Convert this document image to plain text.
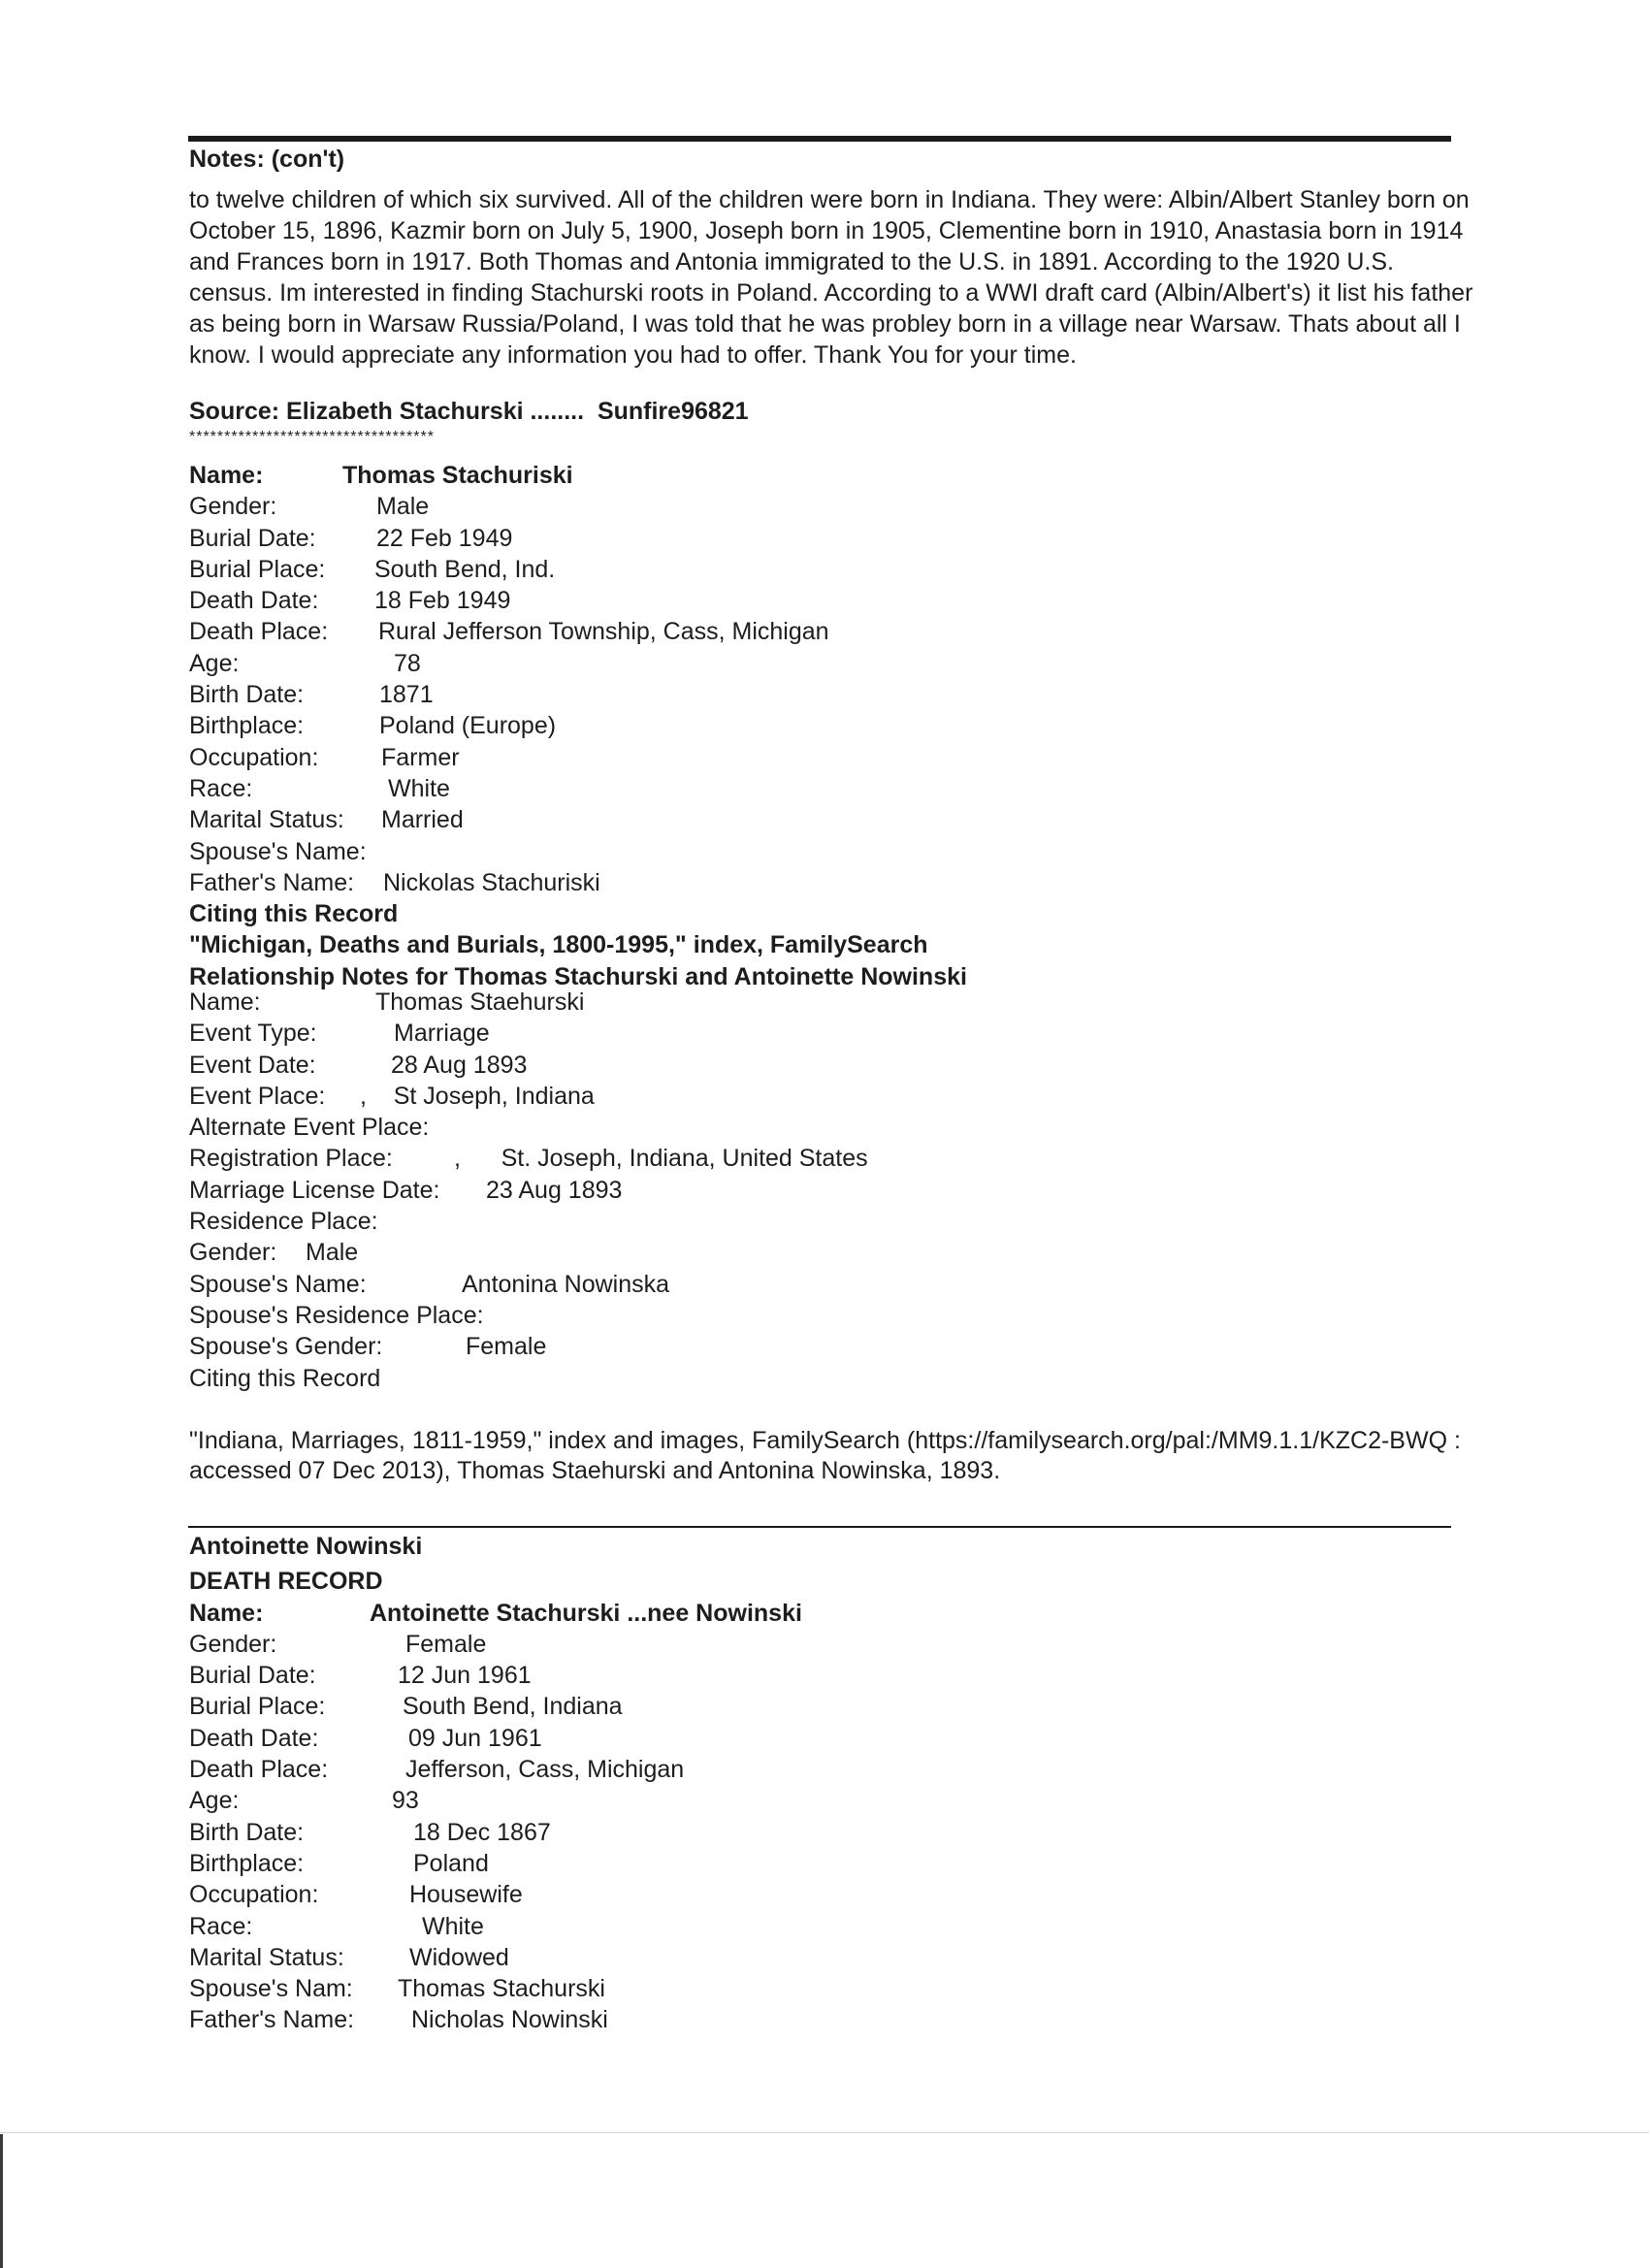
Notes: (con't)

to twelve children of which six survived. All of the children were born in Indiana. They were: Albin/Albert Stanley born on October 15, 1896, Kazmir born on July 5, 1900, Joseph born in 1905, Clementine born in 1910, Anastasia born in 1914 and Frances born in 1917. Both Thomas and Antonia immigrated to the U.S. in 1891. According to the 1920 U.S. census. Im interested in finding Stachurski roots in Poland. According to a WWI draft card (Albin/Albert's) it list his father as being born in Warsaw Russia/Poland, I was told that he was probley born in a village near Warsaw. Thats about all I know. I would appreciate any information you had to offer. Thank You for your time.

Source: Elizabeth Stachurski ........  Sunfire96821
***********************************
Name:	Thomas Stachuriski
Gender:	Male
Burial Date: 22 Feb 1949
Burial Place: South Bend, Ind.
Death Date: 18 Feb 1949
Death Place: Rural Jefferson Township, Cass, Michigan
Age:	78
Birth Date:	1871
Birthplace:	Poland (Europe)
Occupation:	Farmer
Race:	White
Marital Status: Married
Spouse's Name:
Father's Name: Nickolas Stachuriski
Citing this Record
"Michigan, Deaths and Burials, 1800-1995," index, FamilySearch
Relationship Notes for Thomas Stachurski and Antoinette Nowinski
Name:	Thomas Staehurski
Event Type:	Marriage
Event Date:	28 Aug 1893
Event Place: ,    St Joseph, Indiana
Alternate Event Place:
Registration Place:	,      St. Joseph, Indiana, United States
Marriage License Date: 23 Aug 1893
Residence Place:
Gender: Male
Spouse's Name:	Antonina Nowinska
Spouse's Residence Place:
Spouse's Gender:	Female
Citing this Record

"Indiana, Marriages, 1811-1959," index and images, FamilySearch (https://familysearch.org/pal:/MM9.1.1/KZC2-BWQ : accessed 07 Dec 2013), Thomas Staehurski and Antonina Nowinska, 1893.

Antoinette Nowinski
DEATH RECORD
Name:	Antoinette Stachurski ...nee Nowinski
Gender:	Female
Burial Date:	12 Jun 1961
Burial Place:	South Bend, Indiana
Death Date:	09 Jun 1961
Death Place:	Jefferson, Cass, Michigan
Age:	93
Birth Date:	18 Dec 1867
Birthplace:	Poland
Occupation:	Housewife
Race:	White
Marital Status:	Widowed
Spouse's Nam: Thomas Stachurski
Father's Name: Nicholas Nowinski
